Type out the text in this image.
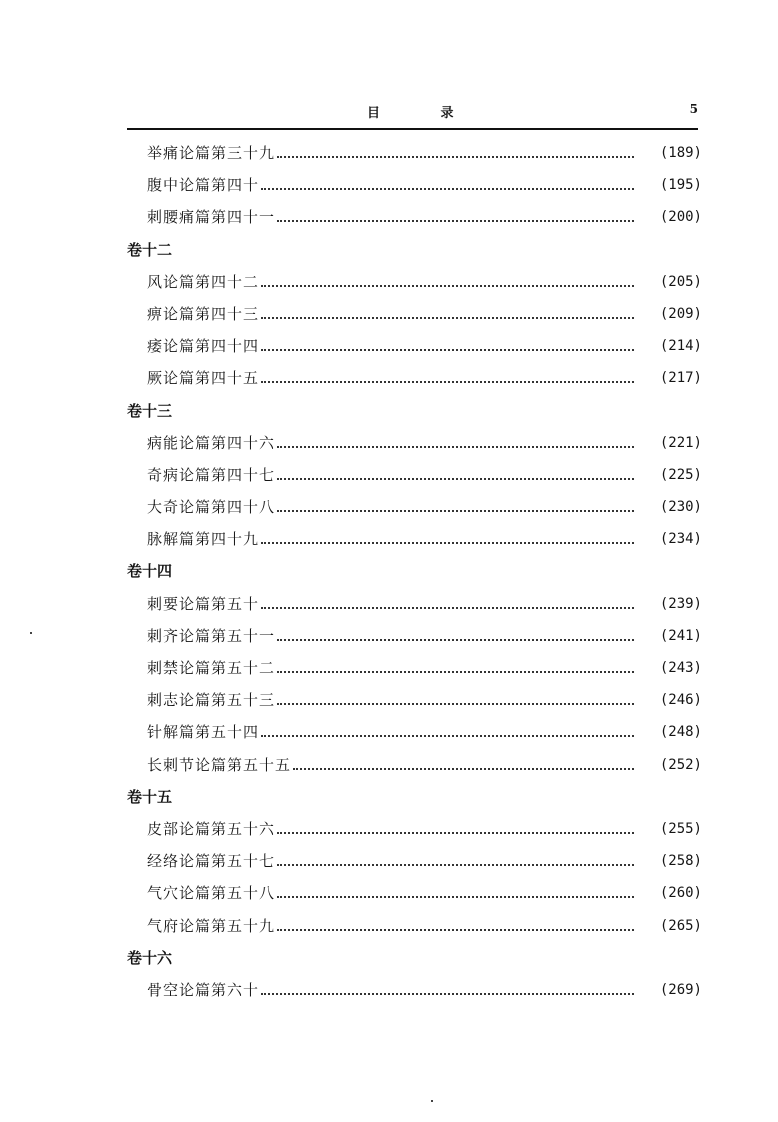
目 录	5
举痛论篇第三十九	(189)
腹中论篇第四十	(195)
刺腰痛篇第四十一	(200)
卷十二
风论篇第四十二	(205)
痹论篇第四十三	(209)
痿论篇第四十四	(214)
厥论篇第四十五	(217)
卷十三
病能论篇第四十六	(221)
奇病论篇第四十七	(225)
大奇论篇第四十八	(230)
脉解篇第四十九	(234)
卷十四
刺要论篇第五十	(239)
刺齐论篇第五十一	(241)
刺禁论篇第五十二	(243)
刺志论篇第五十三	(246)
针解篇第五十四	(248)
长刺节论篇第五十五	(252)
卷十五
皮部论篇第五十六	(255)
经络论篇第五十七	(258)
气穴论篇第五十八	(260)
气府论篇第五十九	(265)
卷十六
骨空论篇第六十	(269)
